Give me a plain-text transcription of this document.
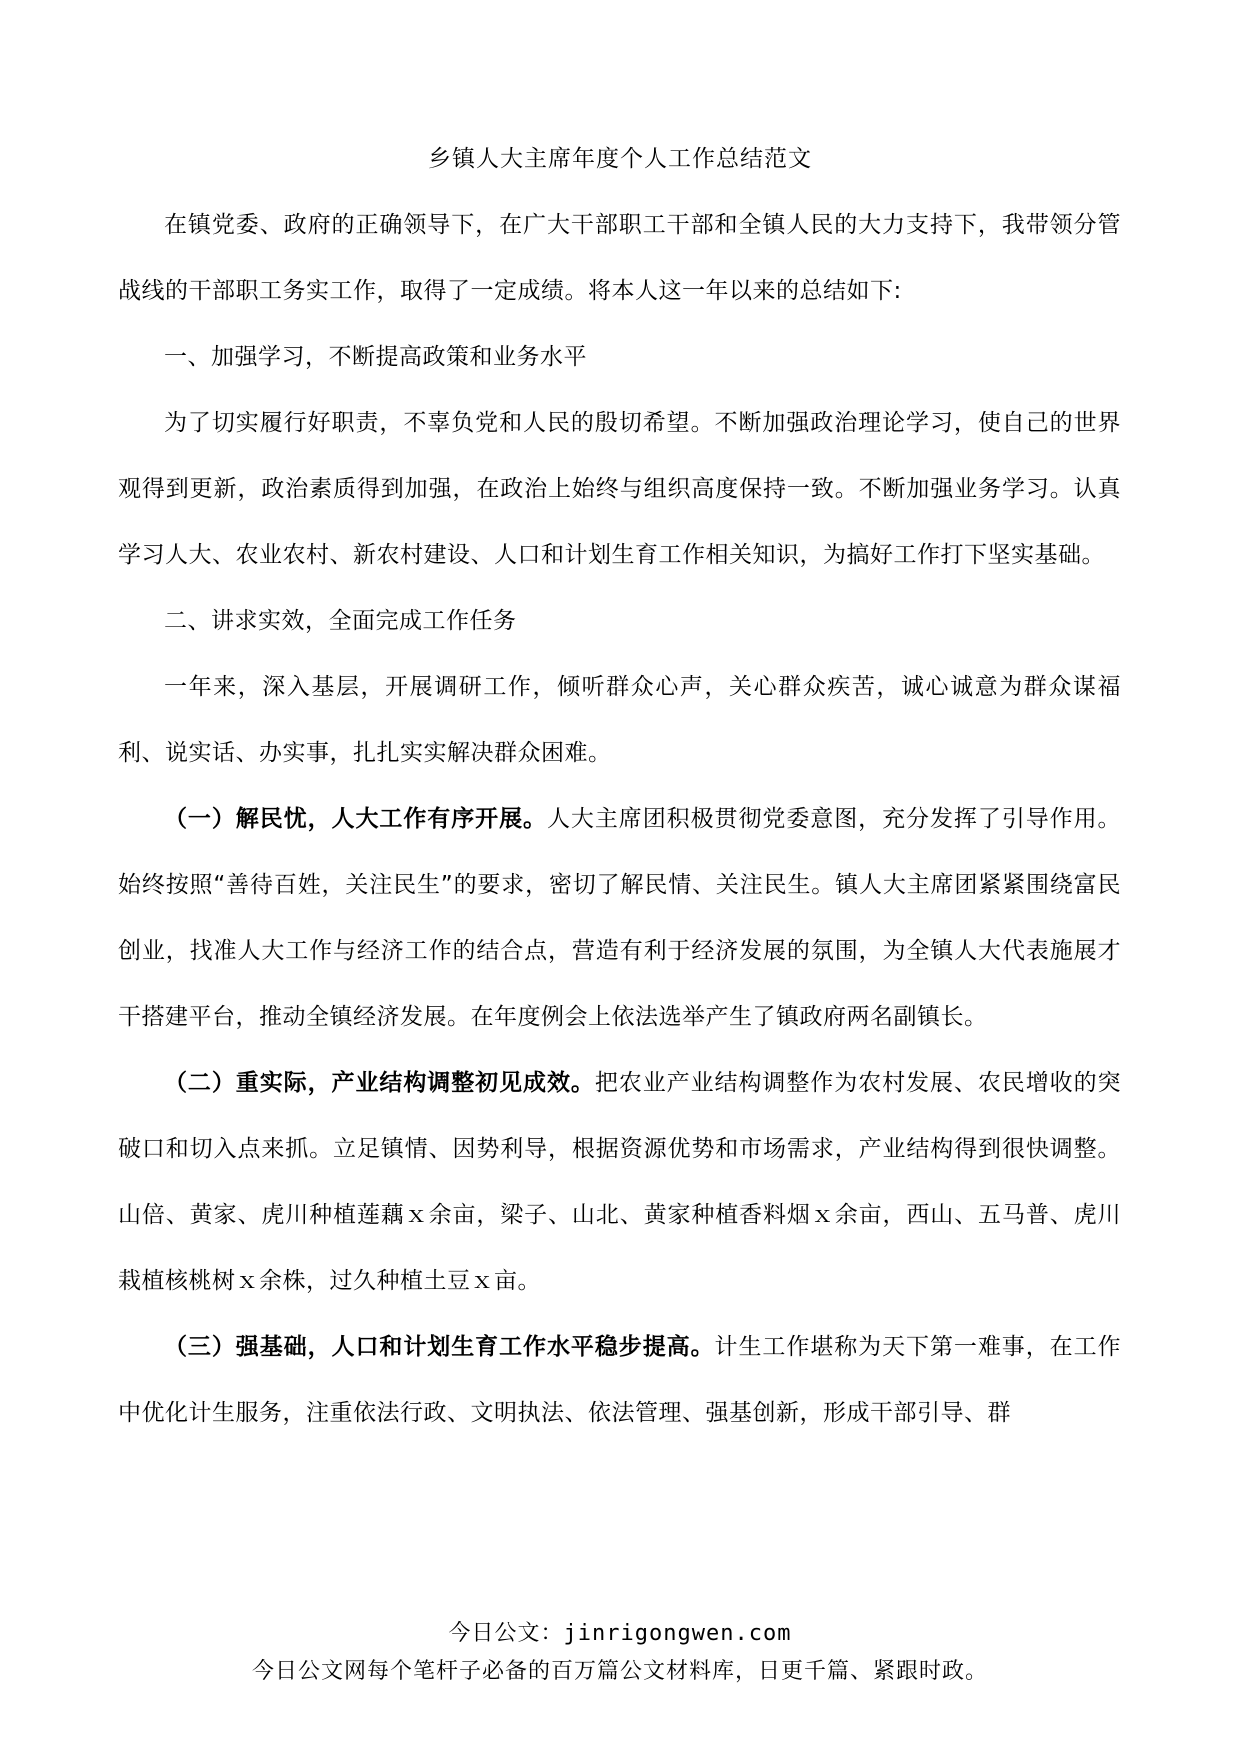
乡镇人大主席年度个人工作总结范文

在镇党委、政府的正确领导下，在广大干部职工干部和全镇人民的大力支持下，我带领分管战线的干部职工务实工作，取得了一定成绩。将本人这一年以来的总结如下:

一、加强学习，不断提高政策和业务水平

为了切实履行好职责，不辜负党和人民的殷切希望。不断加强政治理论学习，使自己的世界观得到更新，政治素质得到加强，在政治上始终与组织高度保持一致。不断加强业务学习。认真学习人大、农业农村、新农村建设、人口和计划生育工作相关知识，为搞好工作打下坚实基础。

二、讲求实效，全面完成工作任务

一年来，深入基层，开展调研工作，倾听群众心声，关心群众疾苦，诚心诚意为群众谋福利、说实话、办实事，扎扎实实解决群众困难。

（一）解民忧，人大工作有序开展。人大主席团积极贯彻党委意图，充分发挥了引导作用。始终按照“善待百姓，关注民生”的要求，密切了解民情、关注民生。镇人大主席团紧紧围绕富民创业，找准人大工作与经济工作的结合点，营造有利于经济发展的氛围，为全镇人大代表施展才干搭建平台，推动全镇经济发展。在年度例会上依法选举产生了镇政府两名副镇长。

（二）重实际，产业结构调整初见成效。把农业产业结构调整作为农村发展、农民增收的突破口和切入点来抓。立足镇情、因势利导，根据资源优势和市场需求，产业结构得到很快调整。山倍、黄家、虎川种植莲藕ｘ余亩，梁子、山北、黄家种植香料烟ｘ余亩，西山、五马普、虎川栽植核桃树ｘ余株，过久种植土豆ｘ亩。

（三）强基础，人口和计划生育工作水平稳步提高。计生工作堪称为天下第一难事，在工作中优化计生服务，注重依法行政、文明执法、依法管理、强基创新，形成干部引导、群

今日公文：jinrigongwen.com
今日公文网每个笔杆子必备的百万篇公文材料库，日更千篇、紧跟时政。
